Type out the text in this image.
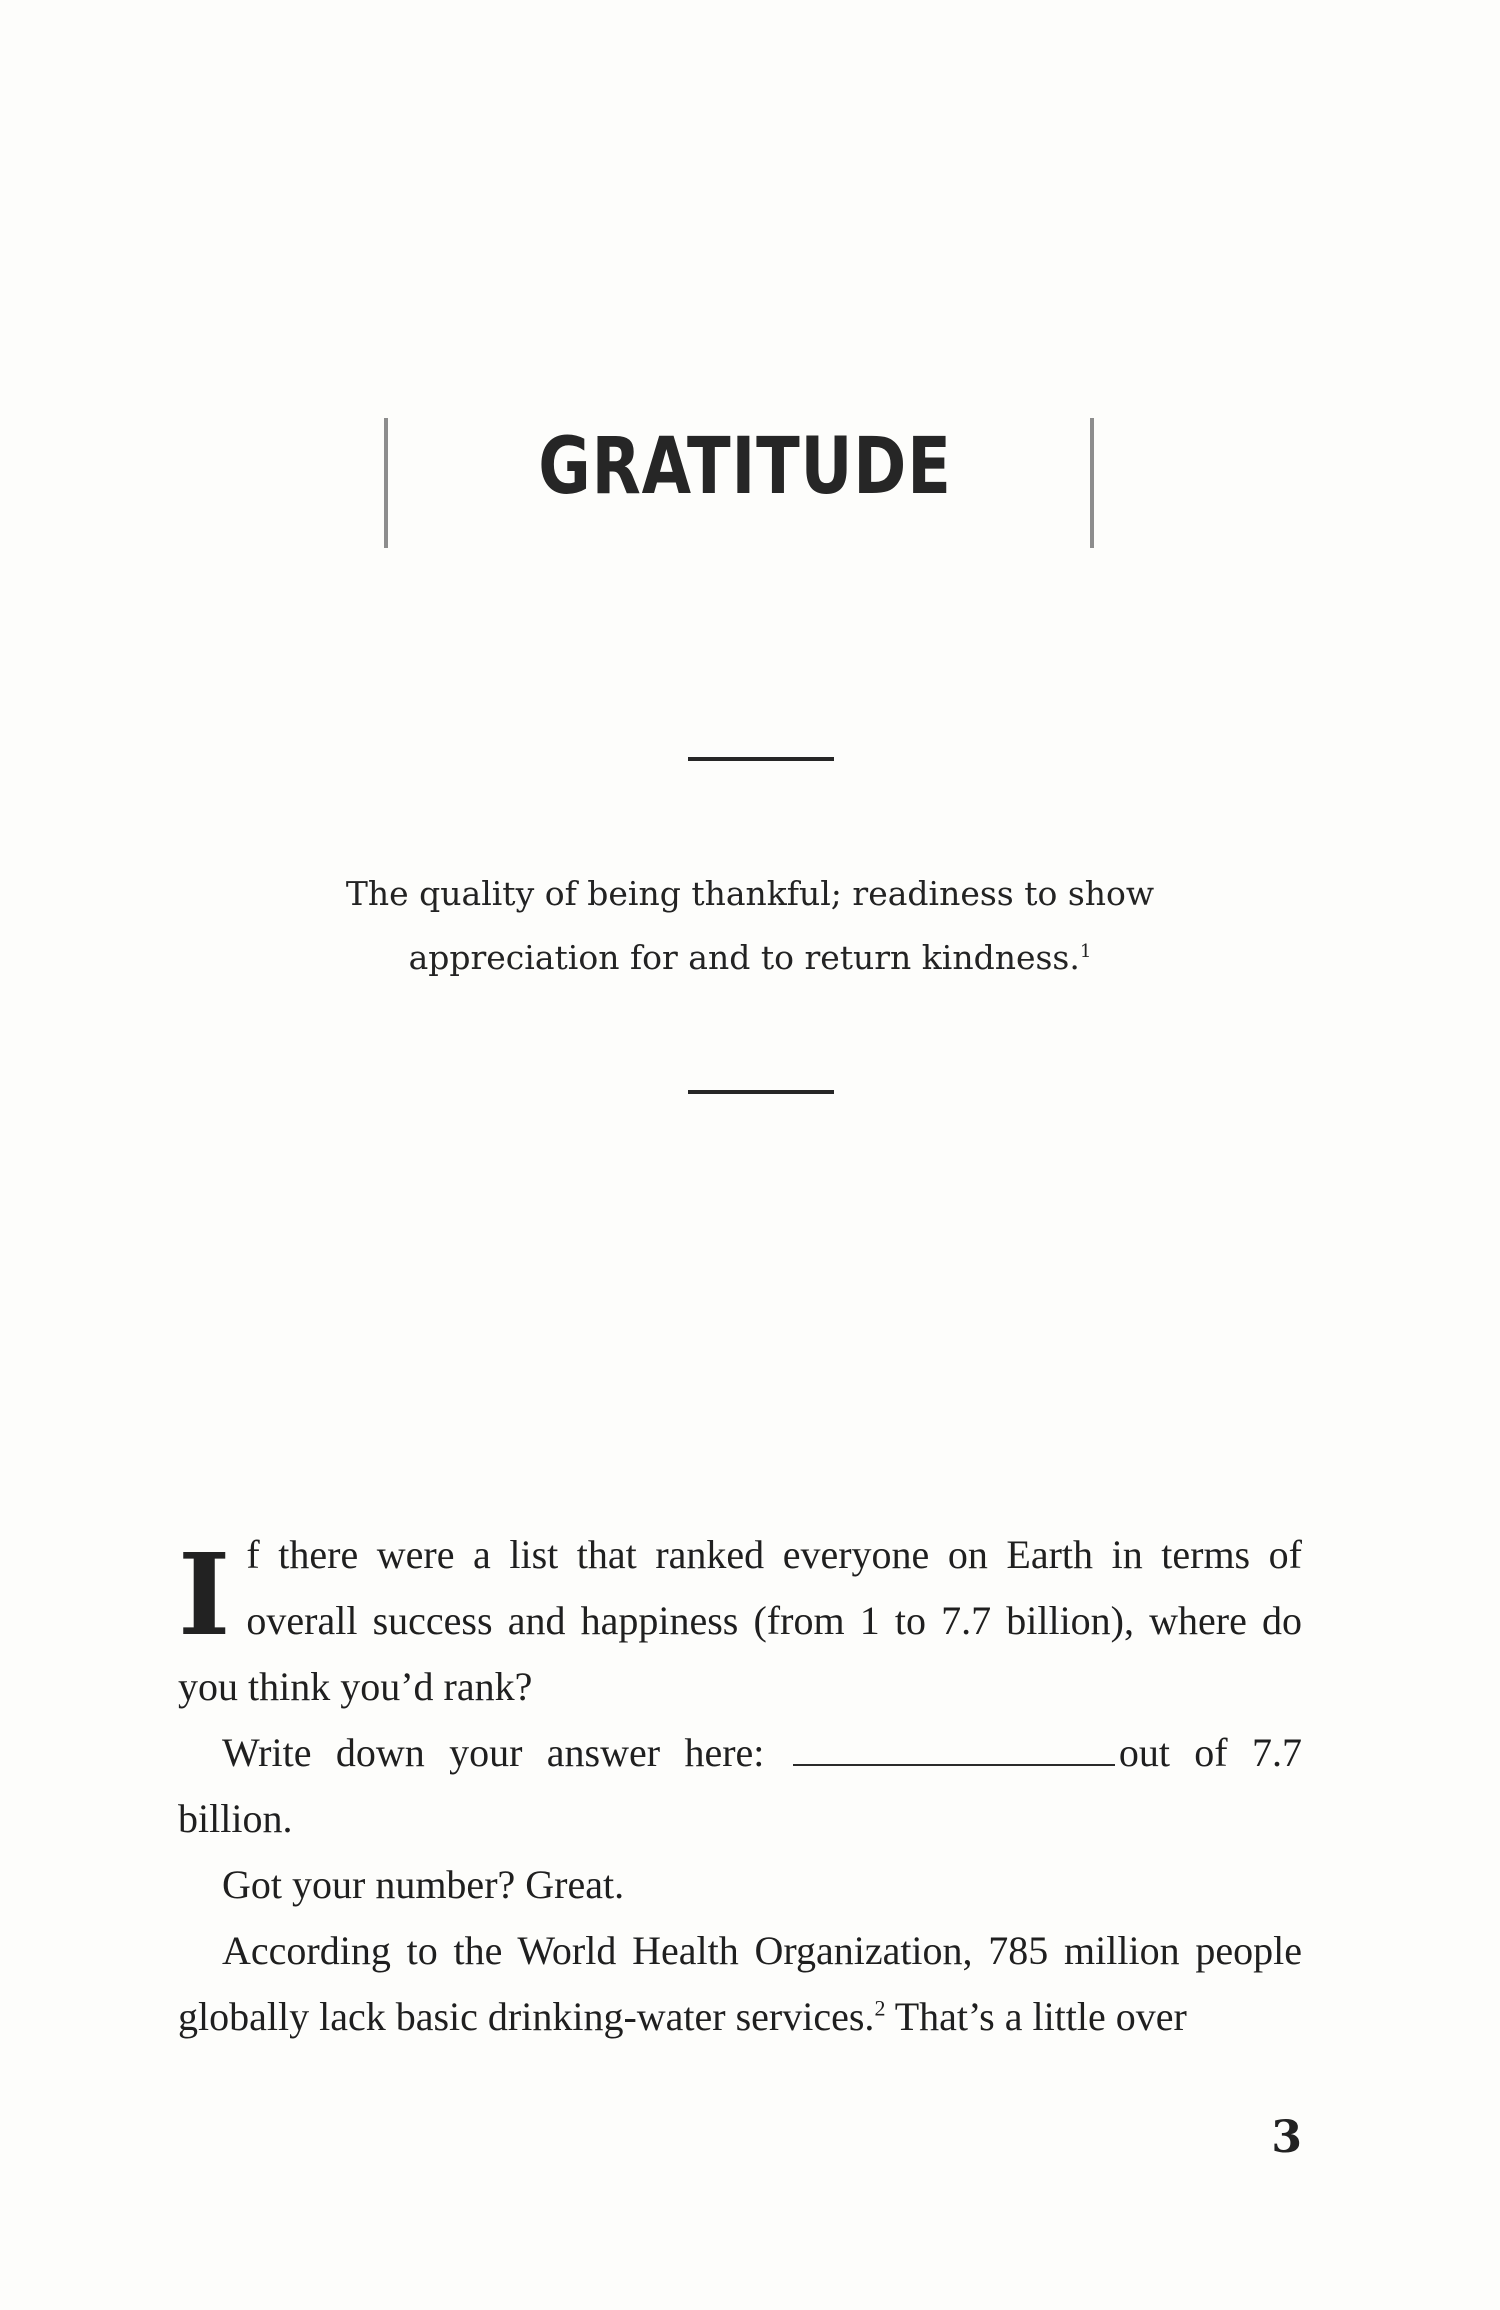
GRATITUDE
The quality of being thankful; readiness to show
appreciation for and to return kindness.$^1$

If there were a list that ranked everyone on Earth in terms of overall success and happiness (from 1 to 7.7 billion), where do you think you’d rank?

Write down your answer here:	out of 7.7 billion.

Got your number? Great.

According to the World Health Organization, 785 million people globally lack basic drinking-water services.$^2$ That’s a little over

3
